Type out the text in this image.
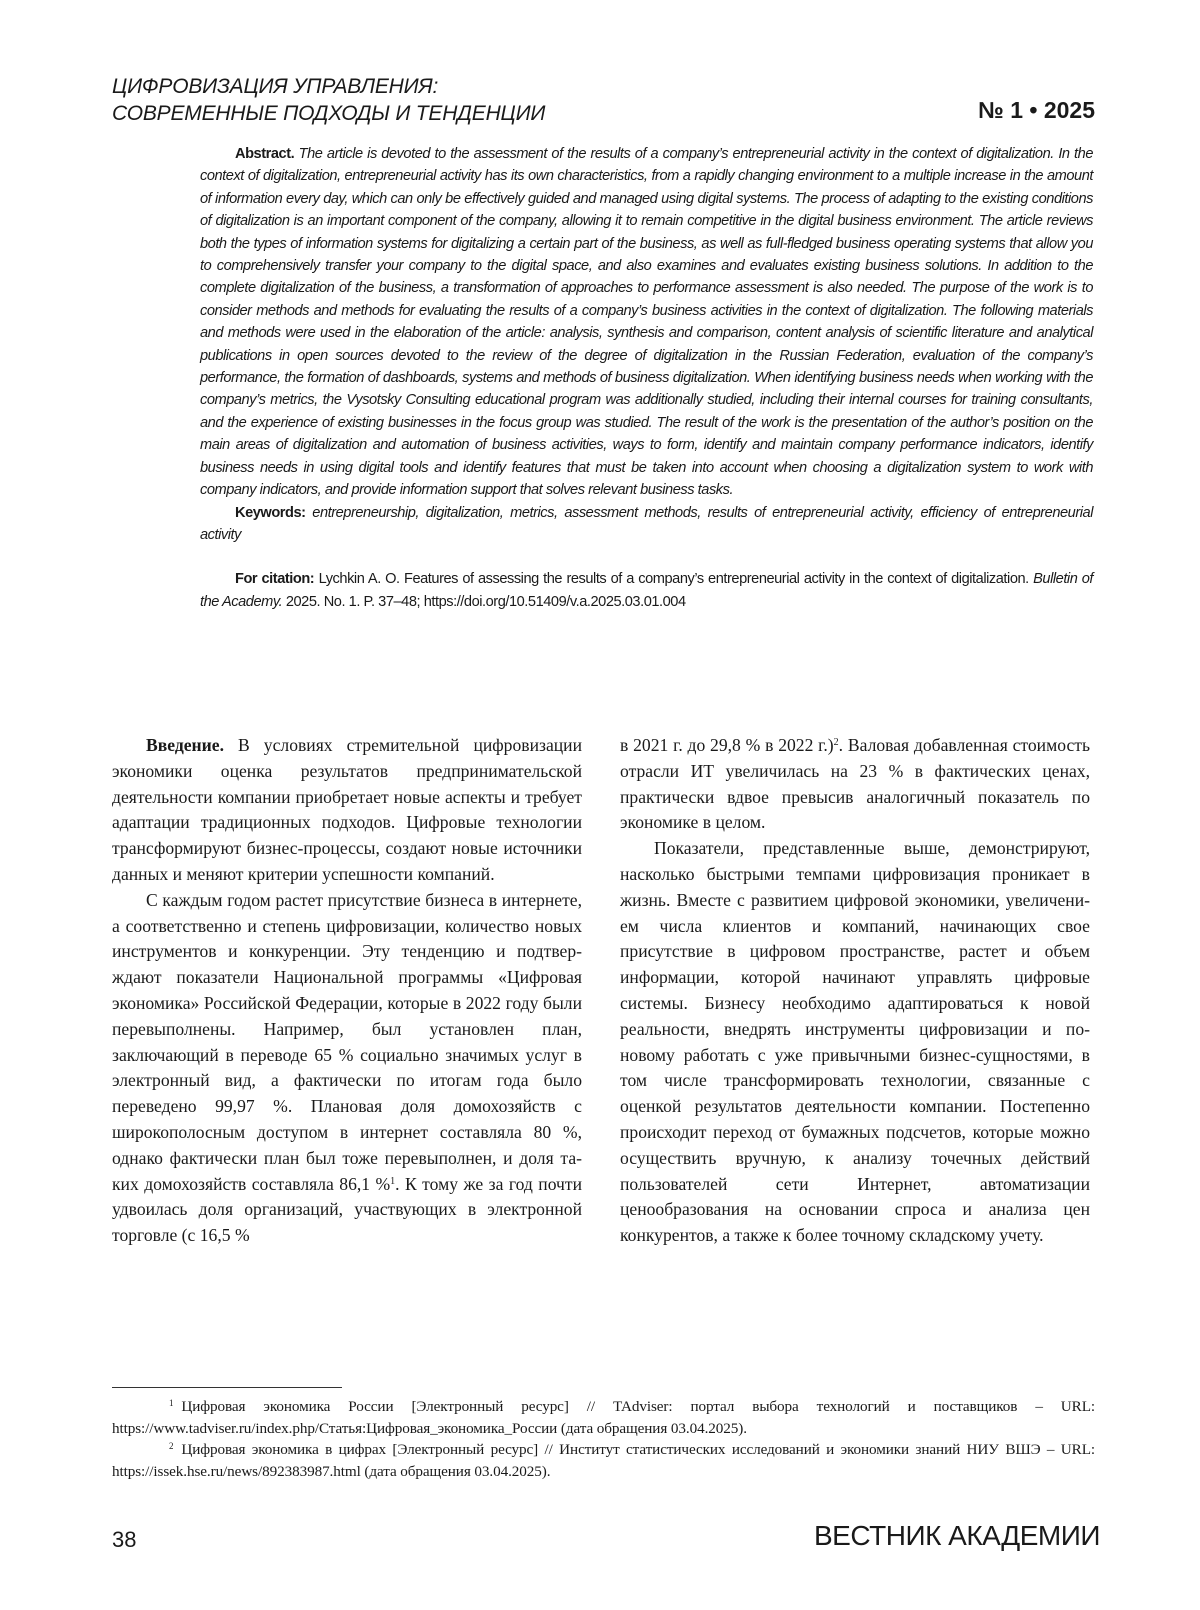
ЦИФРОВИЗАЦИЯ УПРАВЛЕНИЯ:
СОВРЕМЕННЫЕ ПОДХОДЫ И ТЕНДЕНЦИИ	№ 1 • 2025

Abstract. The article is devoted to the assessment of the results of a company’s entrepreneurial activity in the context of digitalization. In the context of digitalization, entrepreneurial activity has its own characteristics, from a rapidly changing environment to a multiple increase in the amount of information every day, which can only be effectively guided and managed using digital systems. The process of adapting to the existing conditions of digitalization is an important component of the company, allowing it to remain competitive in the digital business environment. The article reviews both the types of information systems for digitalizing a certain part of the business, as well as full-fledged business operating systems that allow you to comprehensively transfer your company to the digital space, and also examines and evaluates existing business solutions. In addition to the complete digitalization of the business, a transformation of approaches to performance assessment is also needed. The purpose of the work is to consider methods and methods for evaluating the results of a company’s business activities in the context of digitalization. The following materials and methods were used in the elaboration of the article: analysis, synthesis and comparison, content analysis of scientific literature and analytical publications in open sources devoted to the review of the degree of digitalization in the Russian Federation, evaluation of the company’s performance, the formation of dashboards, systems and methods of business digitalization. When identifying business needs when working with the company’s metrics, the Vysotsky Consulting educational program was additionally studied, including their internal courses for training consultants, and the experience of existing businesses in the focus group was studied. The result of the work is the presentation of the author’s position on the main areas of digitalization and automation of business activities, ways to form, identify and maintain company performance indicators, identify business needs in using digital tools and identify features that must be taken into account when choosing a digitalization system to work with company indicators, and provide information support that solves relevant business tasks.

Keywords: entrepreneurship, digitalization, metrics, assessment methods, results of entrepreneurial activity, efficiency of entrepreneurial activity

For citation: Lychkin A. O. Features of assessing the results of a company’s entrepreneurial activity in the context of digitalization. Bulletin of the Academy. 2025. No. 1. P. 37–48; https://doi.org/10.51409/v.a.2025.03.01.004

Введение. В условиях стремительной цифровизации экономики оценка результатов предпринимательской деятельности компании приобретает новые аспекты и требует адаптации традиционных подходов. Цифровые технологии трансформируют бизнес-процессы, создают новые источники данных и меняют критерии успешности компаний.

С каждым годом растет присутствие бизнеса в интернете, а соответственно и степень цифровизации, количество новых инструментов и конкуренции. Эту тенденцию и подтверждают показатели Национальной программы «Цифровая экономика» Российской Федерации, которые в 2022 году были перевыполнены. Например, был установлен план, заключающий в переводе 65 % социально значимых услуг в электронный вид, а фактически по итогам года было переведено 99,97 %. Плановая доля домохозяйств с широкополосным доступом в интернет составляла 80 %, однако фактически план был тоже перевыполнен, и доля таких домохозяйств составляла 86,1 %$^1$. К тому же за год почти удвоилась доля организаций, участвующих в электронной торговле (с 16,5 %

в 2021 г. до 29,8 % в 2022 г.)$^2$. Валовая добавленная стоимость отрасли ИТ увеличилась на 23 % в фактических ценах, практически вдвое превысив аналогичный показатель по экономике в целом.

Показатели, представленные выше, демонстрируют, насколько быстрыми темпами цифровизация проникает в жизнь. Вместе с развитием цифровой экономики, увеличением числа клиентов и компаний, начинающих свое присутствие в цифровом пространстве, растет и объем информации, которой начинают управлять цифровые системы. Бизнесу необходимо адаптироваться к новой реальности, внедрять инструменты цифровизации и по-новому работать с уже привычными бизнес-сущностями, в том числе трансформировать технологии, связанные с оценкой результатов деятельности компании. Постепенно происходит переход от бумажных подсчетов, которые можно осуществить вручную, к анализу точечных действий пользователей сети Интернет, автоматизации ценообразования на основании спроса и анализа цен конкурентов, а также к более точному складскому учету.

$^1$ Цифровая экономика России [Электронный ресурс] // TAdviser: портал выбора технологий и поставщиков – URL: https://www.tadviser.ru/index.php/Статья:Цифровая_экономика_России (дата обращения 03.04.2025).

$^2$ Цифровая экономика в цифрах [Электронный ресурс] // Институт статистических исследований и экономики знаний НИУ ВШЭ – URL: https://issek.hse.ru/news/892383987.html (дата обращения 03.04.2025).

38	ВЕСТНИК АКАДЕМИИ
